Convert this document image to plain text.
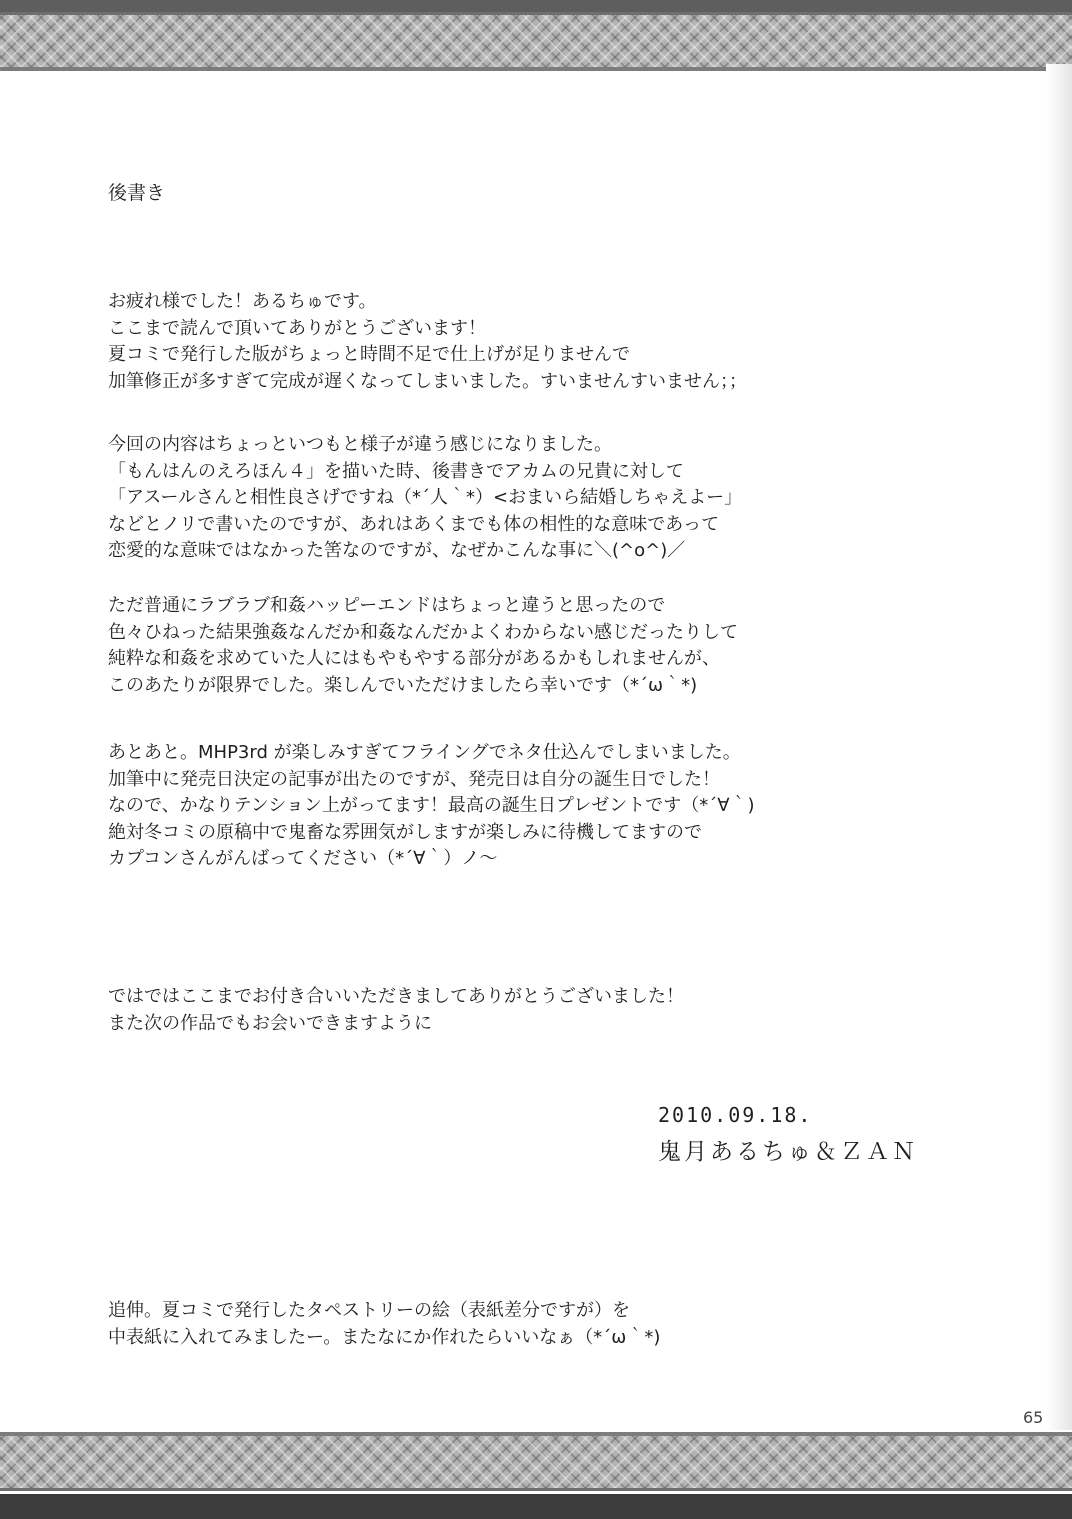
後書き
お疲れ様でした！あるちゅです。
ここまで読んで頂いてありがとうございます！
夏コミで発行した版がちょっと時間不足で仕上げが足りませんで
加筆修正が多すぎて完成が遅くなってしまいました。すいませんすいません；；
今回の内容はちょっといつもと様子が違う感じになりました。
「もんはんのえろほん４」を描いた時、後書きでアカムの兄貴に対して
「アスールさんと相性良さげですね（*´人｀*）<おまいら結婚しちゃえよー」
などとノリで書いたのですが、あれはあくまでも体の相性的な意味であって
恋愛的な意味ではなかった筈なのですが、なぜかこんな事に＼(^o^)／
ただ普通にラブラブ和姦ハッピーエンドはちょっと違うと思ったので
色々ひねった結果強姦なんだか和姦なんだかよくわからない感じだったりして
純粋な和姦を求めていた人にはもやもやする部分があるかもしれませんが、
このあたりが限界でした。楽しんでいただけましたら幸いです（*´ω｀*)
あとあと。MHP3rd が楽しみすぎてフライングでネタ仕込んでしまいました。
加筆中に発売日決定の記事が出たのですが、発売日は自分の誕生日でした！
なので、かなりテンション上がってます！最高の誕生日プレゼントです（*´∀｀)
絶対冬コミの原稿中で鬼畜な雰囲気がしますが楽しみに待機してますので
カプコンさんがんばってください（*´∀｀）ノ～
ではではここまでお付き合いいただきましてありがとうございました！
また次の作品でもお会いできますように
2010.09.18.
鬼月あるちゅ＆ＺＡＮ
追伸。夏コミで発行したタペストリーの絵（表紙差分ですが）を
中表紙に入れてみましたー。またなにか作れたらいいなぁ（*´ω｀*)
65
